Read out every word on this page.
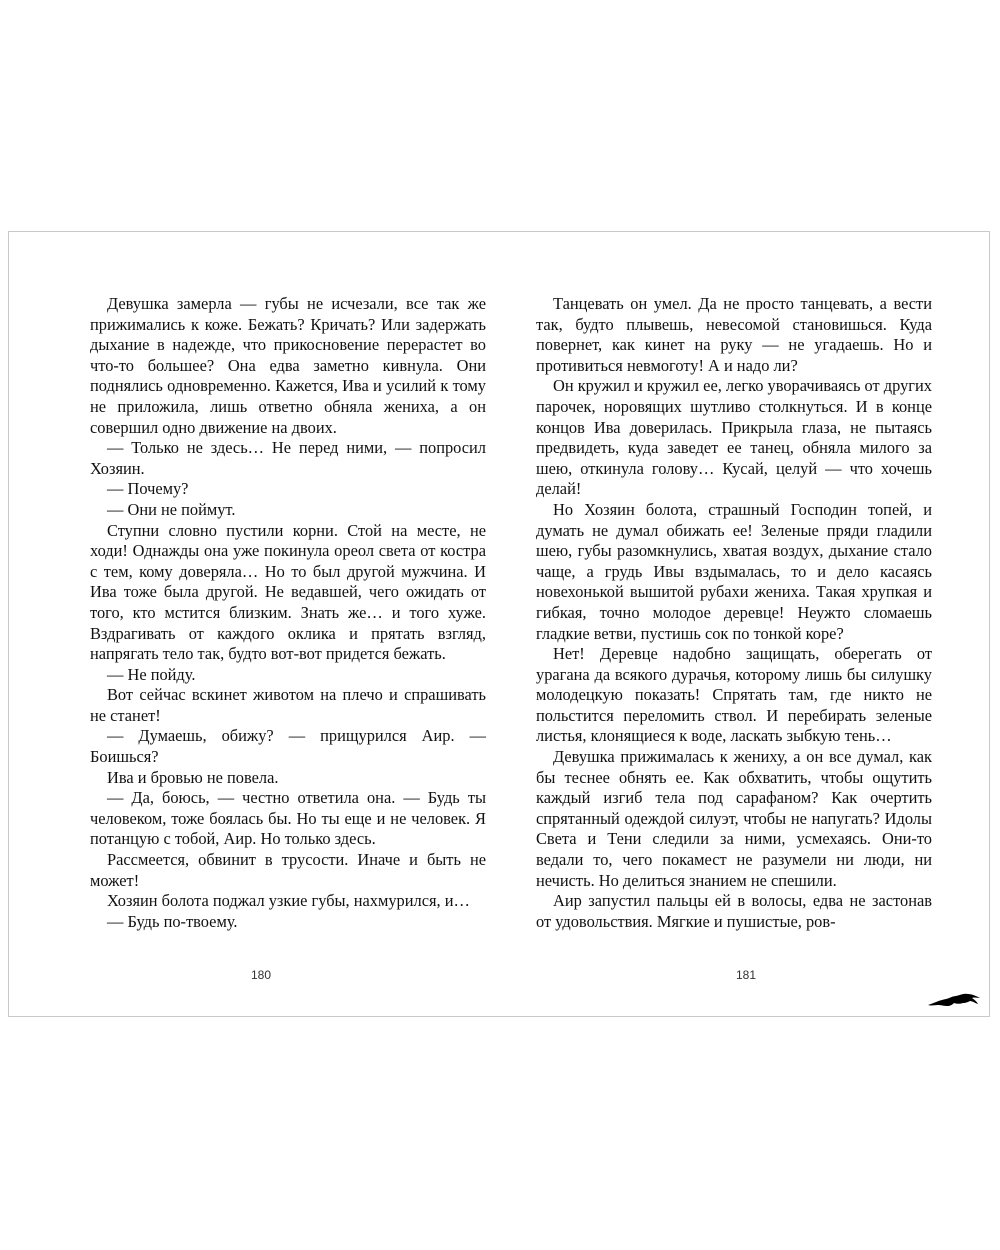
Девушка замерла — губы не исчезали, все так же прижимались к коже. Бежать? Кричать? Или задержать дыхание в надежде, что прикосновение перерастет во что-то большее? Она едва заметно кивнула. Они поднялись одновременно. Кажется, Ива и усилий к тому не приложила, лишь ответно обняла жениха, а он совершил одно движение на двоих.

— Только не здесь… Не перед ними, — попросил Хозяин.

— Почему?

— Они не поймут.

Ступни словно пустили корни. Стой на месте, не ходи! Однажды она уже покинула ореол света от костра с тем, кому доверяла… Но то был другой мужчина. И Ива тоже была другой. Не ведавшей, чего ожидать от того, кто мстится близким. Знать же… и того хуже. Вздрагивать от каждого оклика и прятать взгляд, напрягать тело так, будто вот-вот придется бежать.

— Не пойду.

Вот сейчас вскинет животом на плечо и спрашивать не станет!

— Думаешь, обижу? — прищурился Аир. — Боишься?

Ива и бровью не повела.

— Да, боюсь, — честно ответила она. — Будь ты человеком, тоже боялась бы. Но ты еще и не человек. Я потанцую с тобой, Аир. Но только здесь.

Рассмеется, обвинит в трусости. Иначе и быть не может!

Хозяин болота поджал узкие губы, нахмурился, и…

— Будь по-твоему.

Танцевать он умел. Да не просто танцевать, а вести так, будто плывешь, невесомой становишься. Куда повернет, как кинет на руку — не угадаешь. Но и противиться невмоготу! А и надо ли?

Он кружил и кружил ее, легко уворачиваясь от других парочек, норовящих шутливо столкнуться. И в конце концов Ива доверилась. Прикрыла глаза, не пытаясь предвидеть, куда заведет ее танец, обняла милого за шею, откинула голову… Кусай, целуй — что хочешь делай!

Но Хозяин болота, страшный Господин топей, и думать не думал обижать ее! Зеленые пряди гладили шею, губы разомкнулись, хватая воздух, дыхание стало чаще, а грудь Ивы вздымалась, то и дело касаясь новехонькой вышитой рубахи жениха. Такая хрупкая и гибкая, точно молодое деревце! Неужто сломаешь гладкие ветви, пустишь сок по тонкой коре?

Нет! Деревце надобно защищать, оберегать от урагана да всякого дурачья, которому лишь бы силушку молодецкую показать! Спрятать там, где никто не польстится переломить ствол. И перебирать зеленые листья, клонящиеся к воде, ласкать зыбкую тень…

Девушка прижималась к жениху, а он все думал, как бы теснее обнять ее. Как обхватить, чтобы ощутить каждый изгиб тела под сарафаном? Как очертить спрятанный одеждой силуэт, чтобы не напугать? Идолы Света и Тени следили за ними, усмехаясь. Они-то ведали то, чего покамест не разумели ни люди, ни нечисть. Но делиться знанием не спешили.

Аир запустил пальцы ей в волосы, едва не застонав от удовольствия. Мягкие и пушистые, ров-

180	181
